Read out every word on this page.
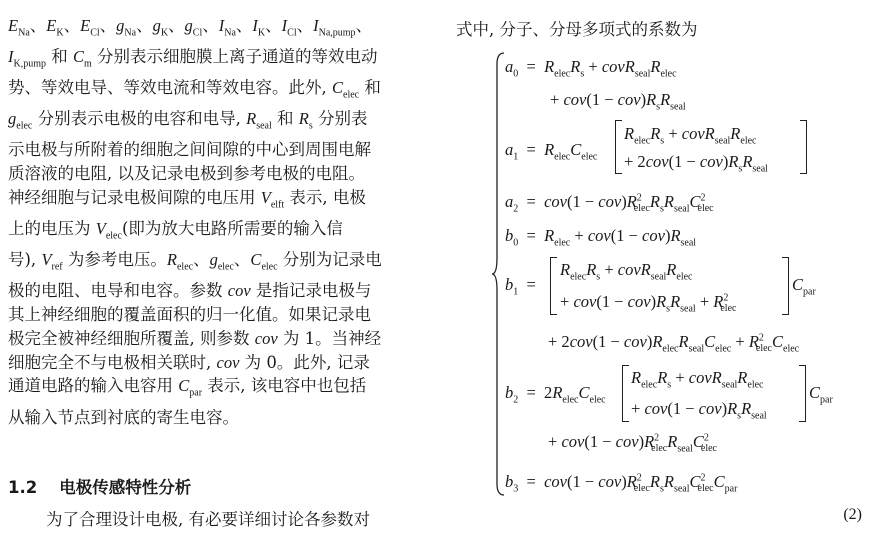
$E_{Na}$、$E_K$、$E_{Cl}$、$g_{Na}$、$g_K$、$g_{Cl}$、$I_{Na}$、$I_K$、$I_{Cl}$、$I_{Na,pump}$、
$I_{K,pump}$ 和 $C_m$ 分别表示细胞膜上离子通道的等效电动
势、等效电导、等效电流和等效电容。此外, $C_{elec}$ 和
$g_{elec}$ 分别表示电极的电容和电导, $R_{seal}$ 和 $R_s$ 分别表
示电极与所附着的细胞之间间隙的中心到周围电解
质溶液的电阻, 以及记录电极到参考电极的电阻。
神经细胞与记录电极间隙的电压用 $V_{elft}$ 表示, 电极
上的电压为 $V_{elec}$(即为放大电路所需要的输入信
号), $V_{ref}$ 为参考电压。$R_{elec}$、$g_{elec}$、$C_{elec}$ 分别为记录电
极的电阻、电导和电容。参数 cov 是指记录电极与
其上神经细胞的覆盖面积的归一化值。如果记录电
极完全被神经细胞所覆盖, 则参数 cov 为 1。当神经
细胞完全不与电极相关联时, cov 为 0。此外, 记录
通道电路的输入电容用 $C_{par}$ 表示, 该电容中也包括
从输入节点到衬底的寄生电容。

1.2 电极传感特性分析
为了合理设计电极, 有必要详细讨论各参数对
式中, 分子、分母多项式的系数为
$a_0 = R_{elec}R_s$ + $covR_{seal}R_{elec}$
+ $cov(1 - cov)R_sR_{seal}$
$a_1 = R_{elec}C_{elec}$
$R_{elec}R_s$ + $covR_{seal}R_{elec}$
+ $2cov(1 - cov)R_sR_{seal}$
$a_2 = cov(1 - cov)R^2_{elec}R_sR_{seal}C^2_{elec}$
$b_0 = R_{elec} + cov(1 - cov)R_{seal}$
$b_1$  =
$R_{elec}R_s$ + $covR_{seal}R_{elec}$
+ $cov(1 - cov)R_sR_{seal} + R^2_{elec}$
$C_{par}$
+ $2cov(1 - cov)R_{elec}R_{seal}C_{elec} + R^2_{elec}C_{elec}$
$b_2 = 2R_{elec}C_{elec}$
$R_{elec}R_s$ + $covR_{seal}R_{elec}$
+ $cov(1 - cov)R_sR_{seal}$
$C_{par}$
+ $cov(1 - cov)R^2_{elec}R_{seal}C^2_{elec}$
$b_3 = cov(1 - cov)R^2_{elec}R_sR_{seal}C^2_{elec}C_{par}$
(2)
